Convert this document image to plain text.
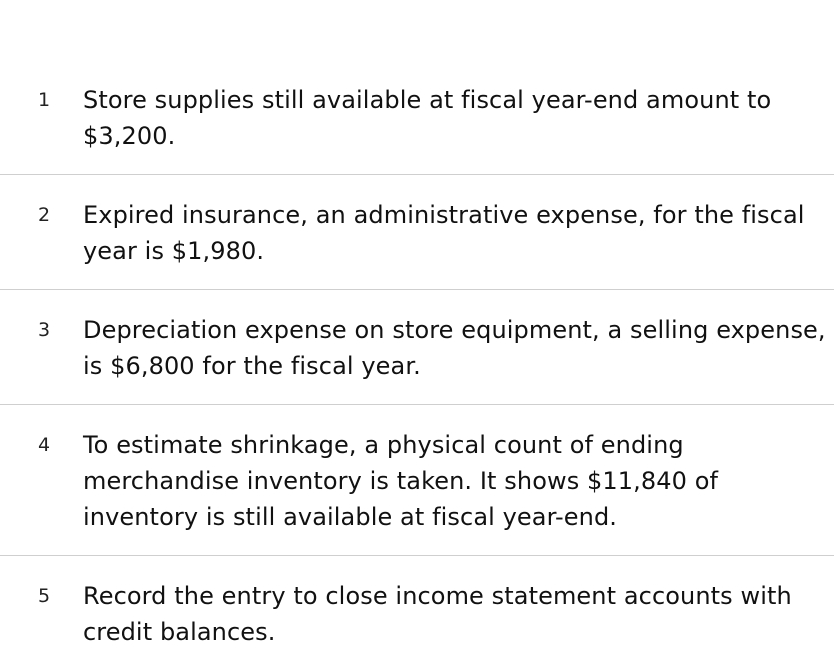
1	Store supplies still available at fiscal year-end amount to $3,200.
2	Expired insurance, an administrative expense, for the fiscal year is $1,980.
3	Depreciation expense on store equipment, a selling expense, is $6,800 for the fiscal year.
4	To estimate shrinkage, a physical count of ending merchandise inventory is taken. It shows $11,840 of inventory is still available at fiscal year-end.
5	Record the entry to close income statement accounts with credit balances.
